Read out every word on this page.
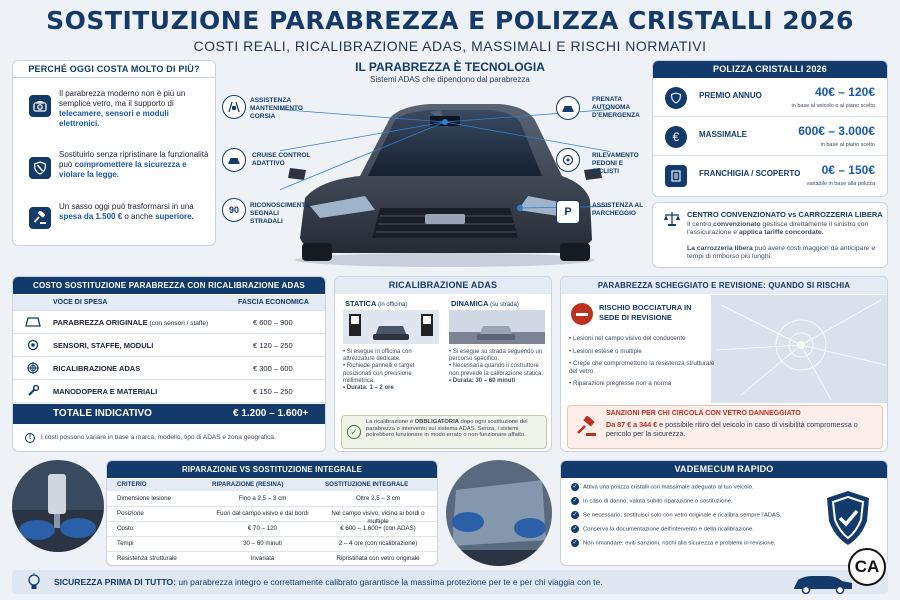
SOSTITUZIONE PARABREZZA E POLIZZA CRISTALLI 2026
COSTI REALI, RICALIBRAZIONE ADAS, MASSIMALI E RISCHI NORMATIVI
PERCHÉ OGGI COSTA MOLTO DI PIÙ?
Il parabrezza moderno non è più un semplice vetro, ma il supporto di telecamere, sensori e moduli elettronici.
Sostituirlo senza ripristinare la funzionalità può compromettere la sicurezza e violare la legge.
Un sasso oggi può trasformarsi in una spesa da 1.500 € o anche superiore.
IL PARABREZZA È TECNOLOGIA
Sistemi ADAS che dipendono dal parabrezza
ASSISTENZA MANTENIMENTO CORSIA
CRUISE CONTROL ADATTIVO
90 RICONOSCIMENTO SEGNALI STRADALI
FRENATA AUTONOMA D'EMERGENZA
RILEVAMENTO PEDONI E CICLISTI
P
ASSISTENZA AL PARCHEGGIO
POLIZZA CRISTALLI 2026
PREMIO ANNUO	40€ – 120€
in base al veicolo e al piano scelto
€	MASSIMALE	600€ – 3.000€
in base al piano scelto
FRANCHIGIA / SCOPERTO 0€ – 150€
variabile in base alla polizza
CENTRO CONVENZIONATO vs CARROZZERIA LIBERA
Il centro convenzionato gestisce direttamente il sinistro con l'assicurazione e applica tariffe concordate.
La carrozzeria libera può avere costi maggiori da anticipare e tempi di rimborso più lunghi.
COSTO SOSTITUZIONE PARABREZZA CON RICALIBRAZIONE ADAS
VOCE DI SPESA	FASCIA ECONOMICA
PARABREZZA ORIGINALE (con sensori / staffe)	€ 600 – 900
SENSORI, STAFFE, MODULI	€ 120 – 250
RICALIBRAZIONE ADAS	€ 300 – 600
MANODOPERA E MATERIALI	€ 150 – 250
TOTALE INDICATIVO	€ 1.200 – 1.600+
!	I costi possono variare in base a marca, modello, tipo di ADAS e zona geografica.
RICALIBRAZIONE ADAS
STATICA (in officina)	DINAMICA (su strada)
• Si esegue in officina con attrezzature dedicate.
• Richiede pannelli e target posizionati con precisione millimetrica.
• Durata: 1 – 2 ore
• Si esegue su strada seguendo un percorso specifico.
• Necessaria quando il costruttore non prevede la calibrazione statica.
• Durata: 30 – 60 minuti
✓
La ricalibrazione è OBBLIGATORIA dopo ogni sostituzione del parabrezza o intervento sul sistema ADAS. Senza, i sistemi potrebbero funzionare in modo errato o non funzionare affatto.
PARABREZZA SCHEGGIATO E REVISIONE: QUANDO SI RISCHIA
RISCHIO BOCCIATURA IN SEDE DI REVISIONE
• Lesioni nel campo visivo del conducente
• Lesioni estese o multiple
• Crepe che compromettono la resistenza strutturale del vetro
• Riparazioni pregresse non a norma
SANZIONI PER CHI CIRCOLA CON VETRO DANNEGGIATO
Da 87 € a 344 € e possibile ritiro del veicolo in caso di visibilità compromessa o pericolo per la sicurezza.
RIPARAZIONE VS SOSTITUZIONE INTEGRALE
CRITERIO	RIPARAZIONE (RESINA)	SOSTITUZIONE INTEGRALE
Dimensione lesione	Fino a 2,5 – 3 cm	Oltre 2,5 – 3 cm
Posizione	Fuori dal campo visivo e dai bordi	Nel campo visivo, vicino ai bordi o multiple
Costo	€ 70 – 120	€ 600 – 1.600+ (con ADAS)
Tempi	30 – 60 minuti	2 – 4 ore (con ricalibrazione)
Resistenza strutturale	Invariata	Ripristinata con vetro originale
VADEMECUM RAPIDO
✓ Attiva una polizza cristalli con massimale adeguato al tuo veicolo.
✓ In caso di danno, valuta subito riparazione o sostituzione.
✓ Se necessario, sostituisci solo con vetro originale e ricalibra sempre l'ADAS.
✓ Conserva la documentazione dell'intervento e della ricalibrazione.
✓ Non rimandare: eviti sanzioni, rischi alla sicurezza e problemi in revisione.
SICUREZZA PRIMA DI TUTTO: un parabrezza integro e correttamente calibrato garantisce la massima protezione per te e per chi viaggia con te.
CA
